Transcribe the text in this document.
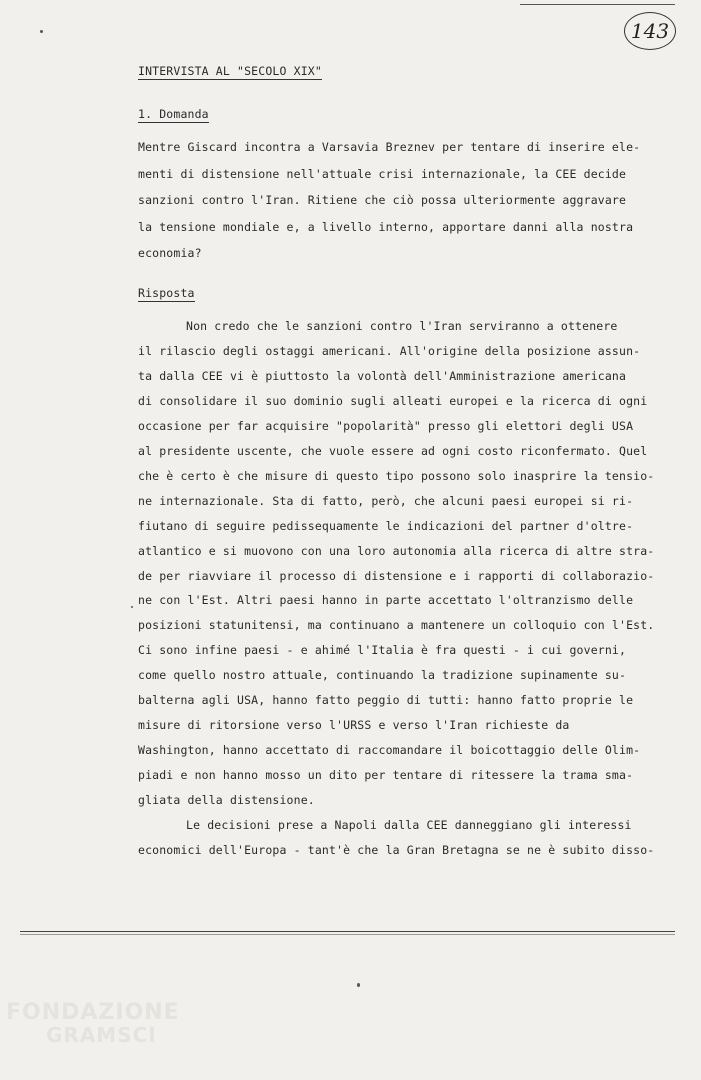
143
INTERVISTA AL "SECOLO XIX"
1. Domanda
Mentre Giscard incontra a Varsavia Breznev per tentare di inserire ele-
menti di distensione nell'attuale crisi internazionale, la CEE decide
sanzioni contro l'Iran. Ritiene che ciò possa ulteriormente aggravare
la tensione mondiale e, a livello interno, apportare danni alla nostra
economia?
Risposta
Non credo che le sanzioni contro l'Iran serviranno a ottenere
il rilascio degli ostaggi americani. All'origine della posizione assun-
ta dalla CEE vi è piuttosto la volontà dell'Amministrazione americana
di consolidare il suo dominio sugli alleati europei e la ricerca di ogni
occasione per far acquisire "popolarità" presso gli elettori degli USA
al presidente uscente, che vuole essere ad ogni costo riconfermato. Quel
che è certo è che misure di questo tipo possono solo inasprire la tensio-
ne internazionale. Sta di fatto, però, che alcuni paesi europei si ri-
fiutano di seguire pedissequamente le indicazioni del partner d'oltre-
atlantico e si muovono con una loro autonomia alla ricerca di altre stra-
de per riavviare il processo di distensione e i rapporti di collaborazio-
ne con l'Est. Altri paesi hanno in parte accettato l'oltranzismo delle
posizioni statunitensi, ma continuano a mantenere un colloquio con l'Est.
Ci sono infine paesi - e ahimé l'Italia è fra questi - i cui governi,
come quello nostro attuale, continuando la tradizione supinamente su-
balterna agli USA, hanno fatto peggio di tutti: hanno fatto proprie le
misure di ritorsione verso l'URSS e verso l'Iran richieste da
Washington, hanno accettato di raccomandare il boicottaggio delle Olim-
piadi e non hanno mosso un dito per tentare di ritessere la trama sma-
gliata della distensione.
Le decisioni prese a Napoli dalla CEE danneggiano gli interessi
economici dell'Europa - tant'è che la Gran Bretagna se ne è subito disso-
FONDAZIONE
GRAMSCI
